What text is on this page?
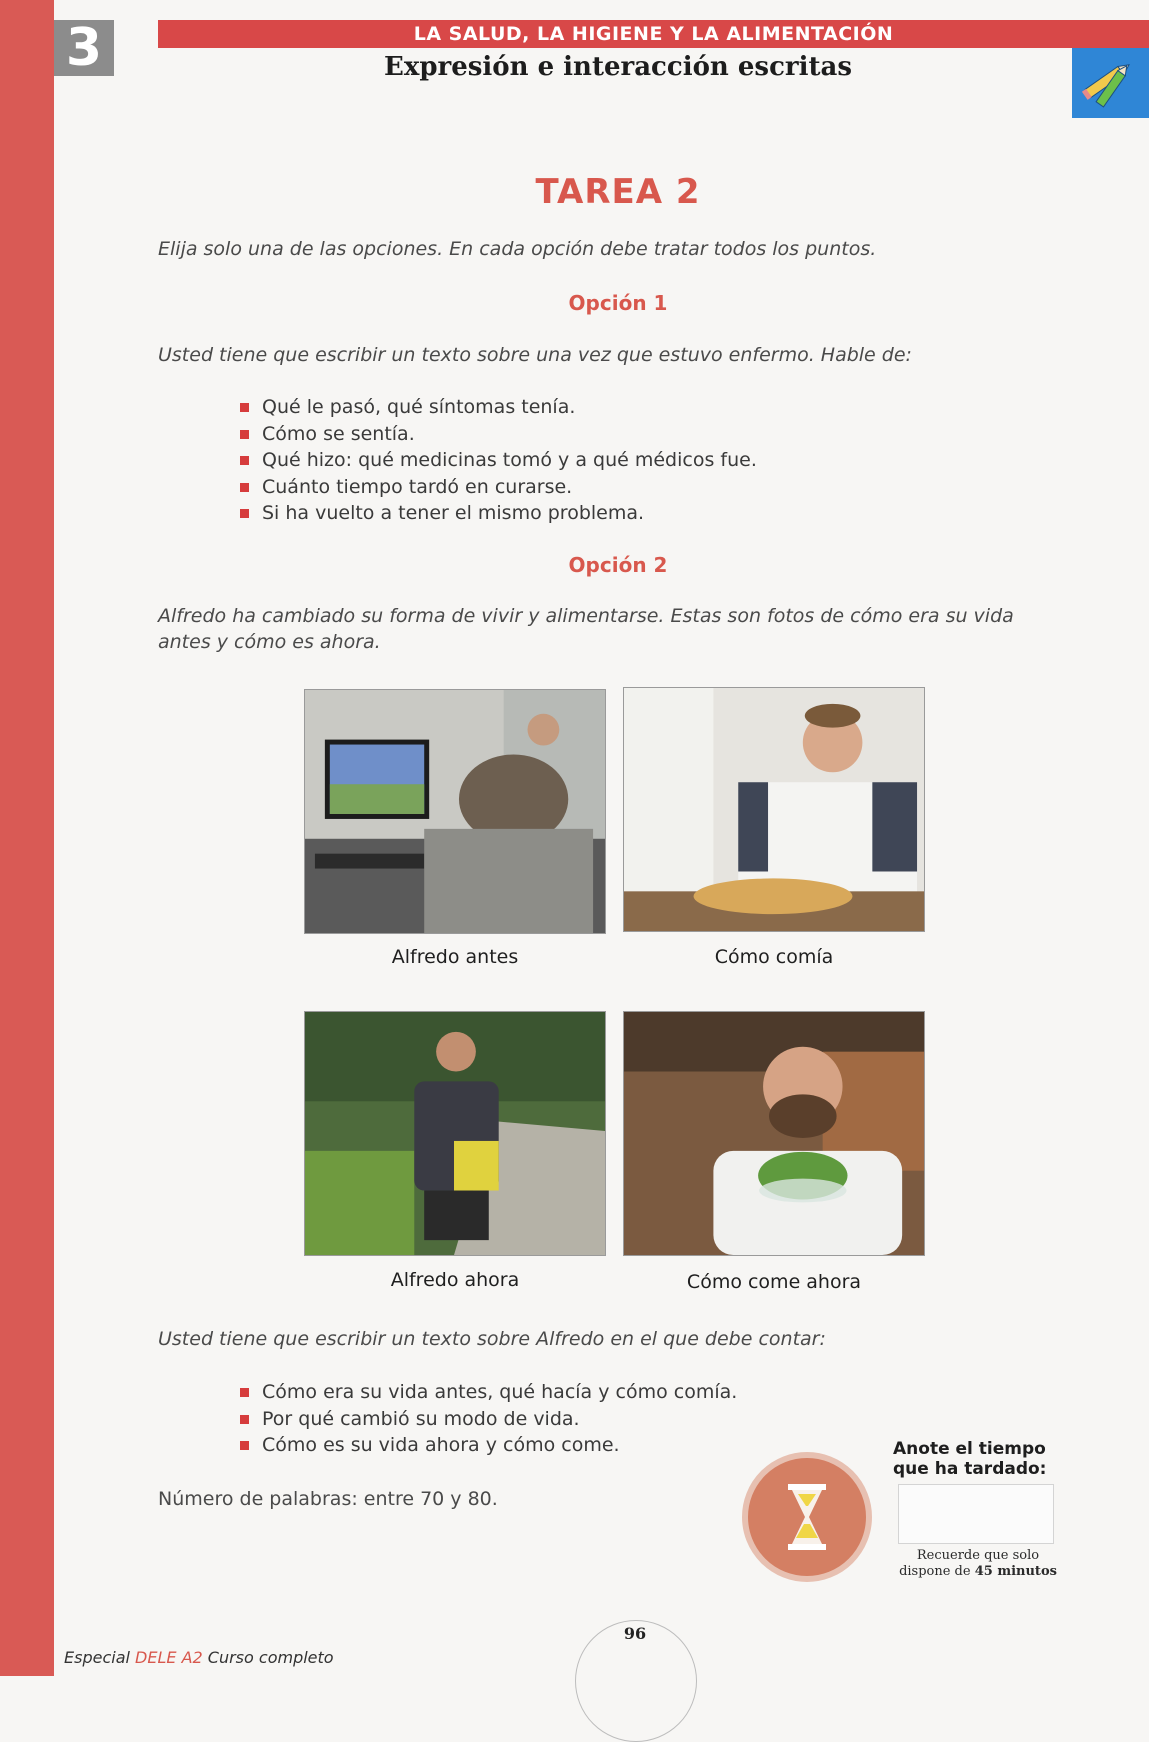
3	LA SALUD, LA HIGIENE Y LA ALIMENTACIÓN
Expresión e interacción escritas
TAREA 2
Elija solo una de las opciones. En cada opción debe tratar todos los puntos.
Opción 1
Usted tiene que escribir un texto sobre una vez que estuvo enfermo. Hable de:
Qué le pasó, qué síntomas tenía.
Cómo se sentía.
Qué hizo: qué medicinas tomó y a qué médicos fue.
Cuánto tiempo tardó en curarse.
Si ha vuelto a tener el mismo problema.
Opción 2
Alfredo ha cambiado su forma de vivir y alimentarse. Estas son fotos de cómo era su vida antes y cómo es ahora.
Alfredo antes	Cómo comía
Alfredo ahora	Cómo come ahora
Usted tiene que escribir un texto sobre Alfredo en el que debe contar:
Cómo era su vida antes, qué hacía y cómo comía.
Por qué cambió su modo de vida.
Cómo es su vida ahora y cómo come.
Número de palabras: entre 70 y 80.
Anote el tiempo que ha tardado:
Recuerde que solo
dispone de 45 minutos
96
Especial DELE A2 Curso completo
